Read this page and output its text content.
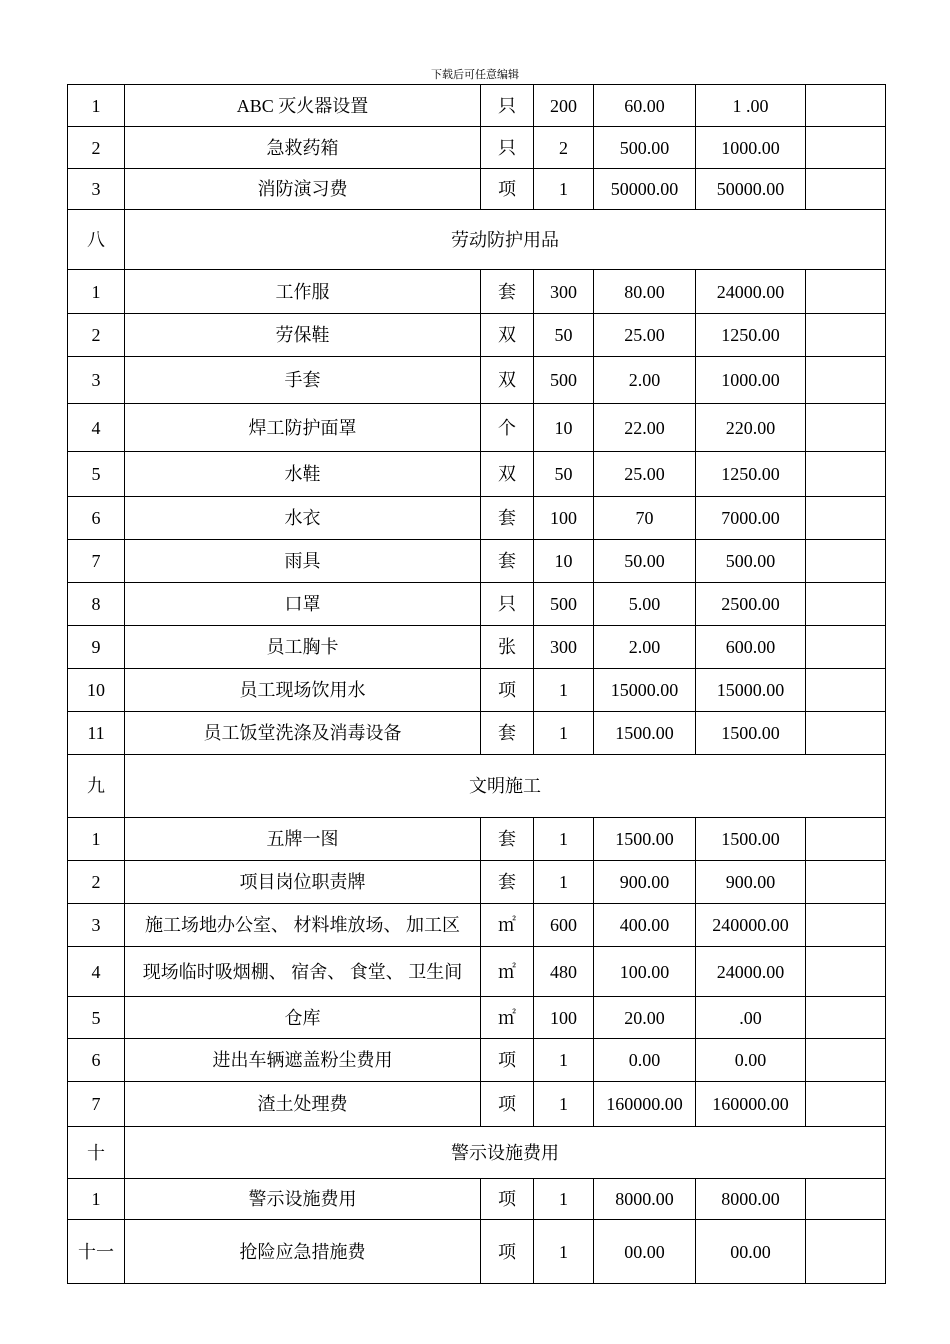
下载后可任意编辑
1	ABC 灭火器设置	只	200	60.00	1 .00	
2	急救药箱	只	2	500.00	1000.00	
3	消防演习费	项	1	50000.00	50000.00	
八	劳动防护用品					
1	工作服	套	300	80.00	24000.00	
2	劳保鞋	双	50	25.00	1250.00	
3	手套	双	500	2.00	1000.00	
4	焊工防护面罩	个	10	22.00	220.00	
5	水鞋	双	50	25.00	1250.00	
6	水衣	套	100	70	7000.00	
7	雨具	套	10	50.00	500.00	
8	口罩	只	500	5.00	2500.00	
9	员工胸卡	张	300	2.00	600.00	
10	员工现场饮用水	项	1	15000.00	15000.00	
11	员工饭堂洗涤及消毒设备	套	1	1500.00	1500.00	
九	文明施工					
1	五牌一图	套	1	1500.00	1500.00	
2	项目岗位职责牌	套	1	900.00	900.00	
3	施工场地办公室、 材料堆放场、 加工区	㎡	600	400.00	240000.00	
4	现场临时吸烟棚、 宿舍、 食堂、 卫生间	㎡	480	100.00	24000.00	
5	仓库	㎡	100	20.00	.00	
6	进出车辆遮盖粉尘费用	项	1	0.00	0.00	
7	渣土处理费	项	1	160000.00	160000.00	
十	警示设施费用					
1	警示设施费用	项	1	8000.00	8000.00	
十一	抢险应急措施费	项	1	00.00	00.00	
